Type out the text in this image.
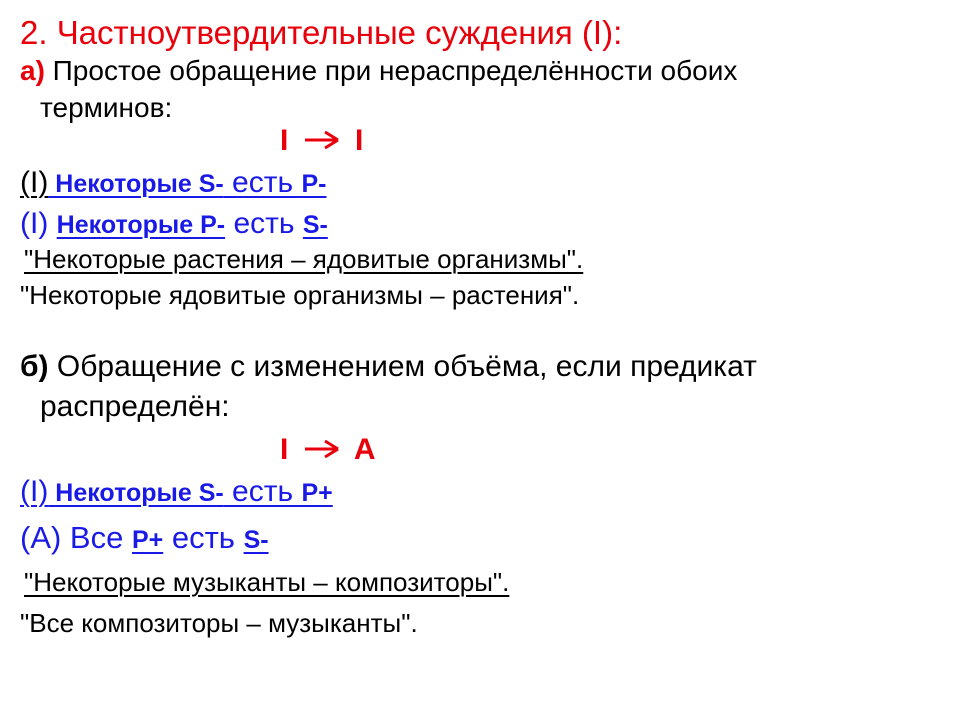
2. Частноутвердительные суждения (I):
а) Простое обращение при нераспределённости обоих
терминов:
I I
(I) Некоторые S- есть P-
(I) Некоторые P- есть S-
"Некоторые растения – ядовитые организмы".
"Некоторые ядовитые организмы – растения".
б) Обращение с изменением объёма, если предикат
распределён:
I A
(I) Некоторые S- есть P+
(A) Все P+ есть S-
"Некоторые музыканты – композиторы".
"Все композиторы – музыканты".
